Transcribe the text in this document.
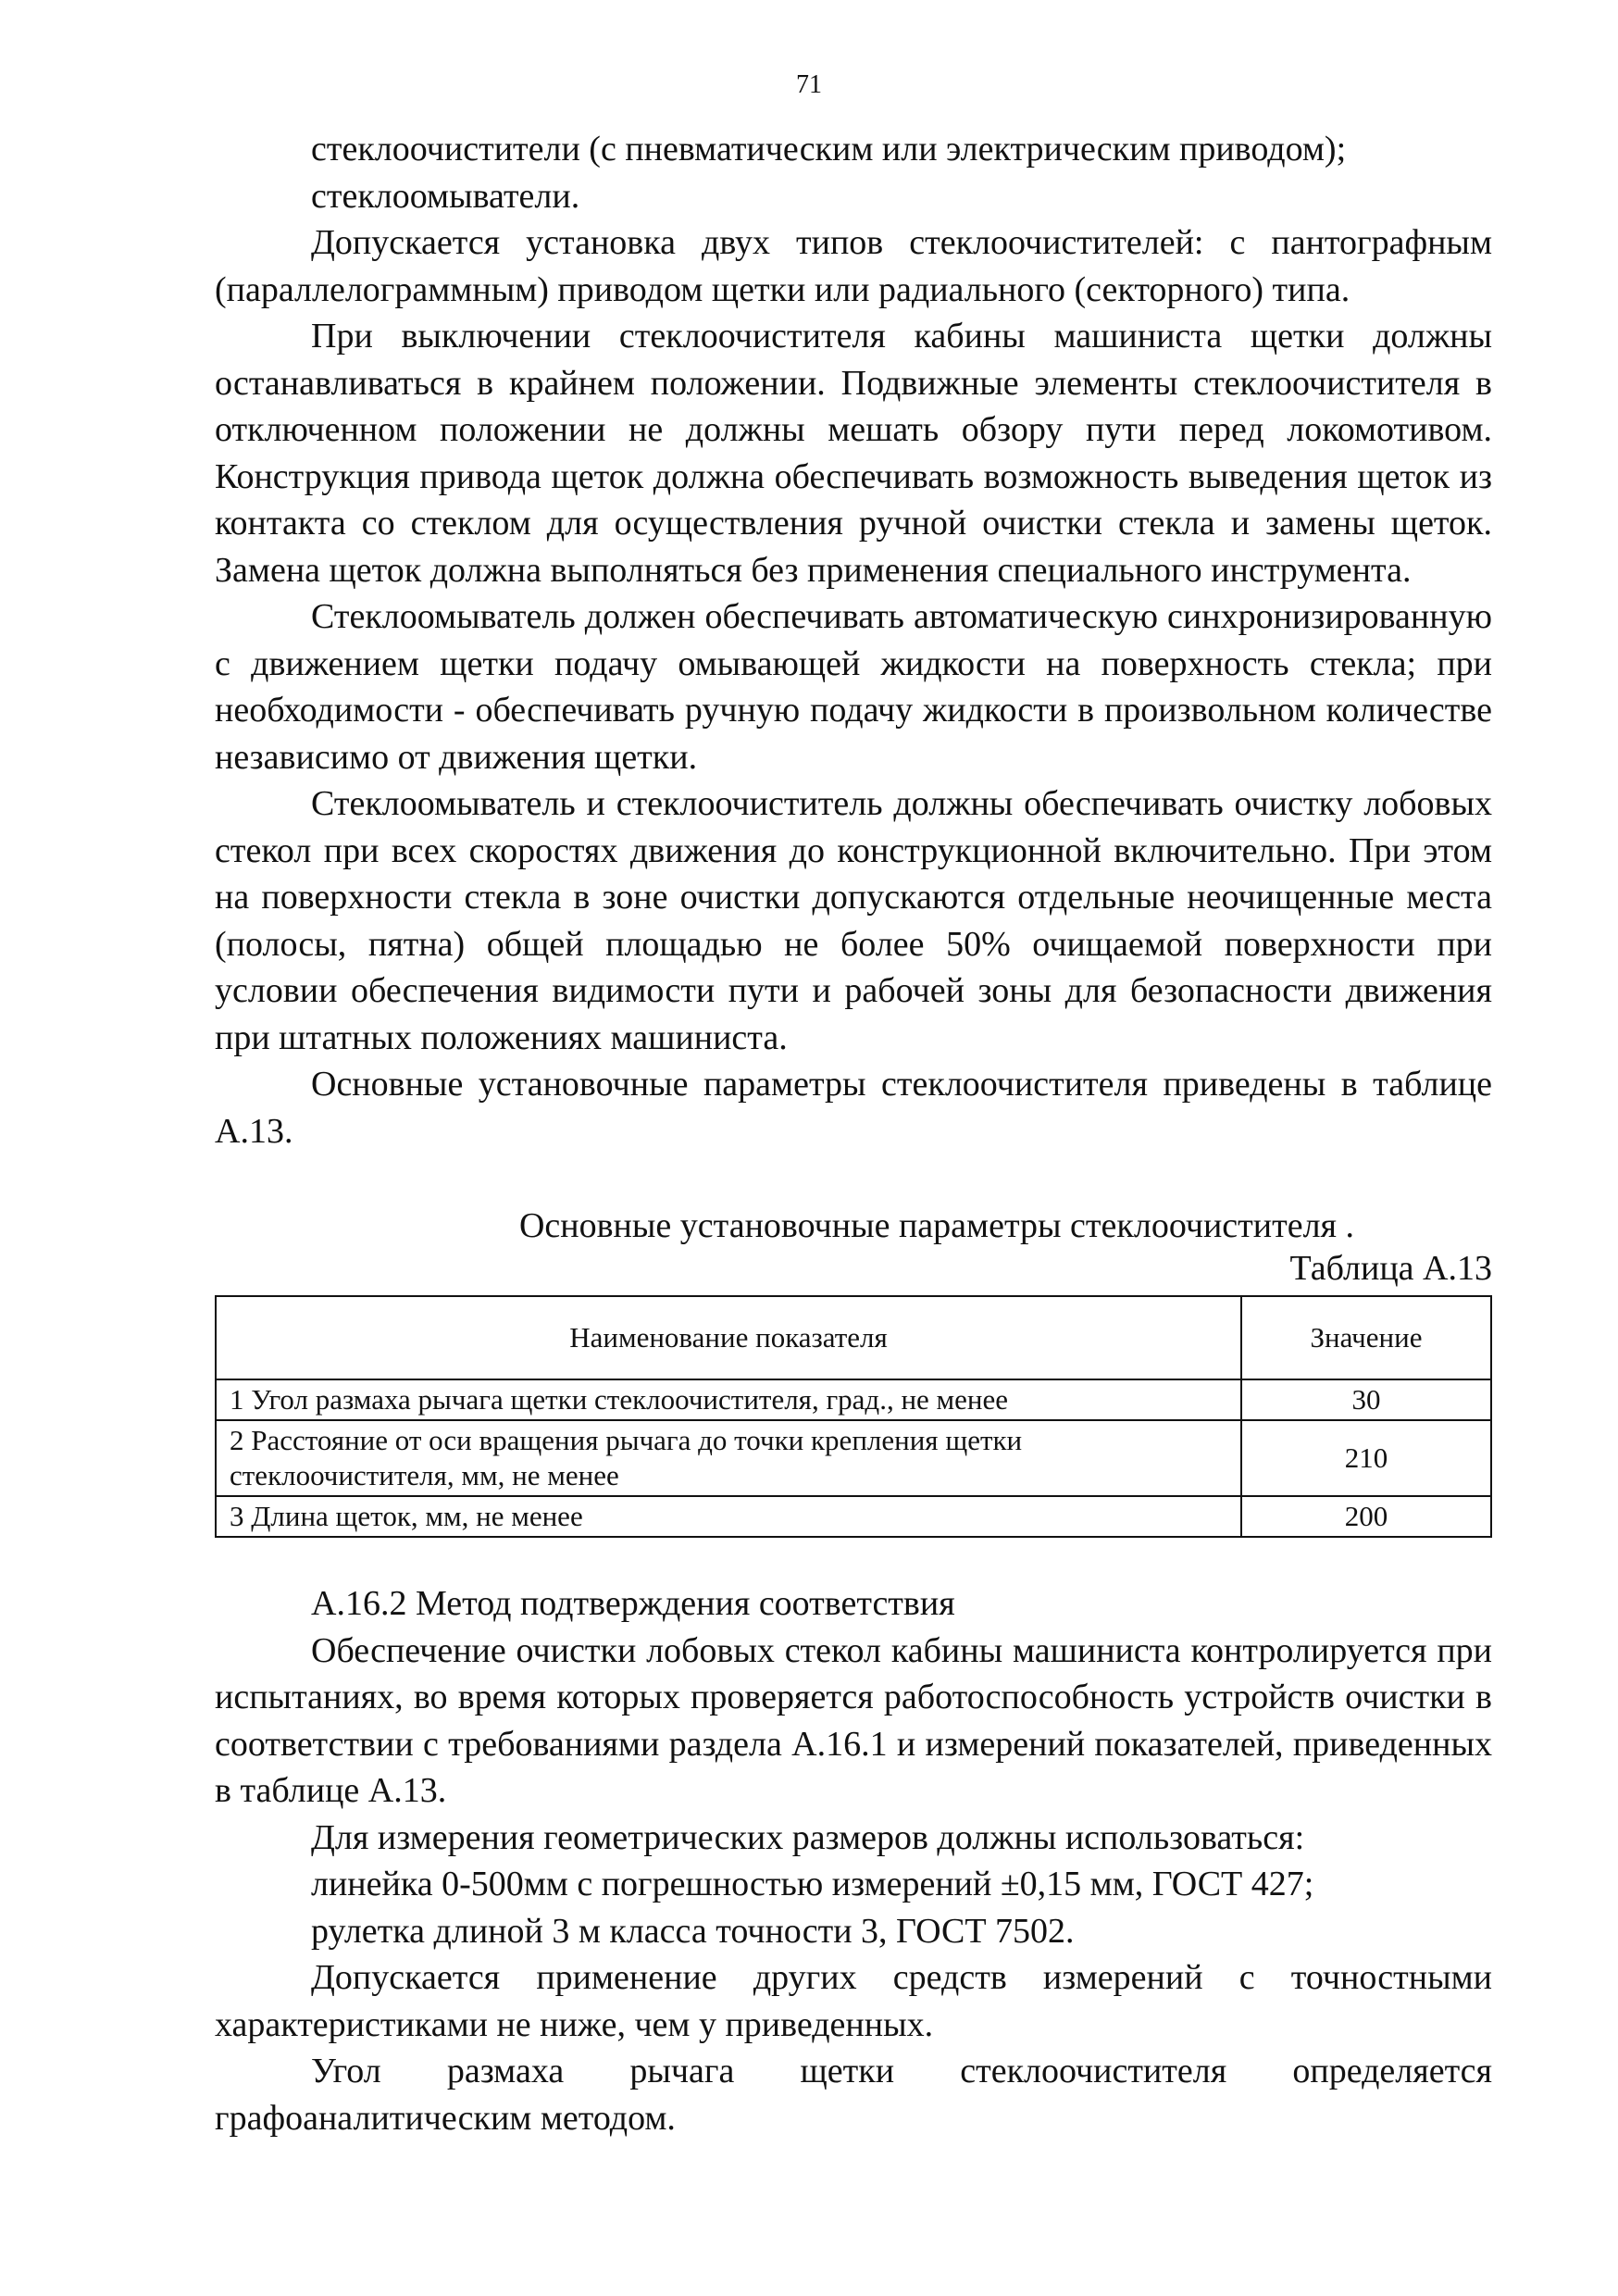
71

стеклоочистители (с пневматическим или электрическим приводом);

стеклоомыватели.

Допускается установка двух типов стеклоочистителей: с пантографным (параллелограммным) приводом щетки или радиального (секторного) типа.

При выключении стеклоочистителя кабины машиниста щетки должны останавливаться в крайнем положении. Подвижные элементы стеклоочистителя в отключенном положении не должны мешать обзору пути перед локомотивом. Конструкция привода щеток должна обеспечивать возможность выведения щеток из контакта со стеклом для осуществления ручной очистки стекла и замены щеток. Замена щеток должна выполняться без применения специального инструмента.

Стеклоомыватель должен обеспечивать автоматическую синхронизированную с движением щетки подачу омывающей жидкости на поверхность стекла; при необходимости - обеспечивать ручную подачу жидкости в произвольном количестве независимо от движения щетки.

Стеклоомыватель и стеклоочиститель должны обеспечивать очистку лобовых стекол при всех скоростях движения до конструкционной включительно. При этом на поверхности стекла в зоне очистки допускаются отдельные неочищенные места (полосы, пятна) общей площадью не более 50% очищаемой поверхности при условии обеспечения видимости пути и рабочей зоны для безопасности движения при штатных положениях машиниста.

Основные установочные параметры стеклоочистителя приведены в таблице А.13.

Основные установочные параметры стеклоочистителя .
Таблица А.13
Наименование показателя	Значение
1 Угол размаха рычага щетки стеклоочистителя, град., не менее	30
2 Расстояние от оси вращения рычага до точки крепления щетки стеклоочистителя, мм, не менее	210
3 Длина щеток, мм, не менее	200

А.16.2 Метод подтверждения соответствия

Обеспечение очистки лобовых стекол кабины машиниста контролируется при испытаниях, во время которых проверяется работоспособность устройств очистки в соответствии с требованиями раздела А.16.1 и измерений показателей, приведенных в таблице А.13.

Для измерения геометрических размеров должны использоваться:

линейка 0-500мм с погрешностью измерений ±0,15 мм, ГОСТ 427;

рулетка длиной 3 м класса точности 3, ГОСТ 7502.

Допускается применение других средств измерений с точностными характеристиками не ниже, чем у приведенных.

Угол размаха рычага щетки стеклоочистителя определяется графоаналитическим методом.
